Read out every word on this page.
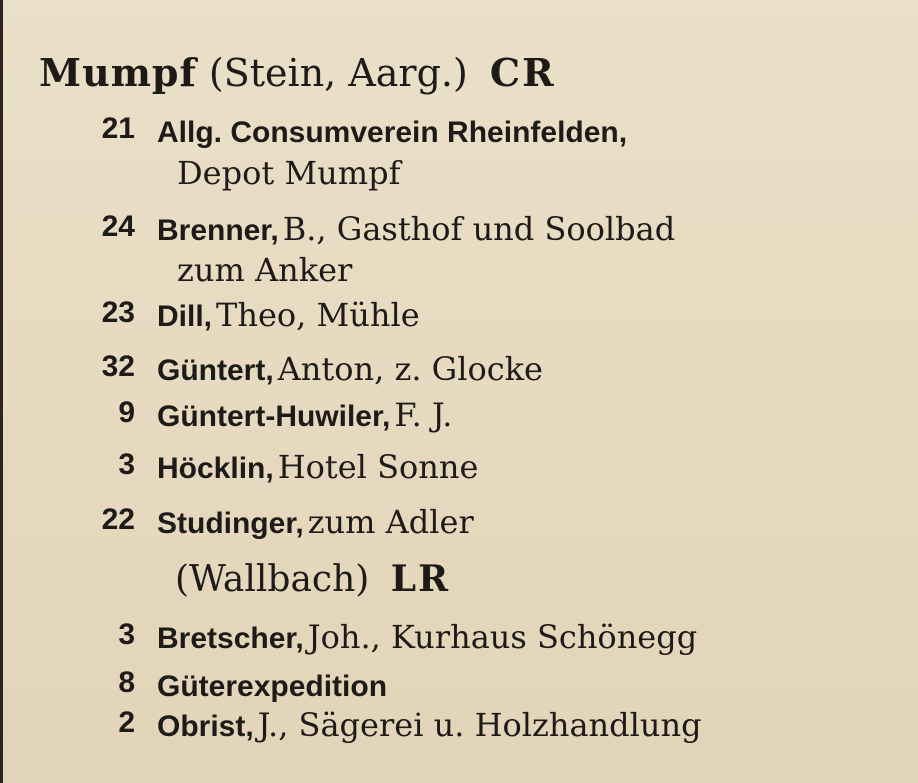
Mumpf (Stein, Aarg.) CR
21 Allg. Consumverein Rheinfelden,
Depot Mumpf
24 Brenner, B., Gasthof und Soolbad
zum Anker
23 Dill, Theo, Mühle
32 Güntert, Anton, z. Glocke
9 Güntert-Huwiler, F. J.
3 Höcklin, Hotel Sonne
22 Studinger, zum Adler
(Wallbach) LR
3 Bretscher, Joh., Kurhaus Schönegg
8 Güterexpedition
2 Obrist, J., Sägerei u. Holzhandlung
